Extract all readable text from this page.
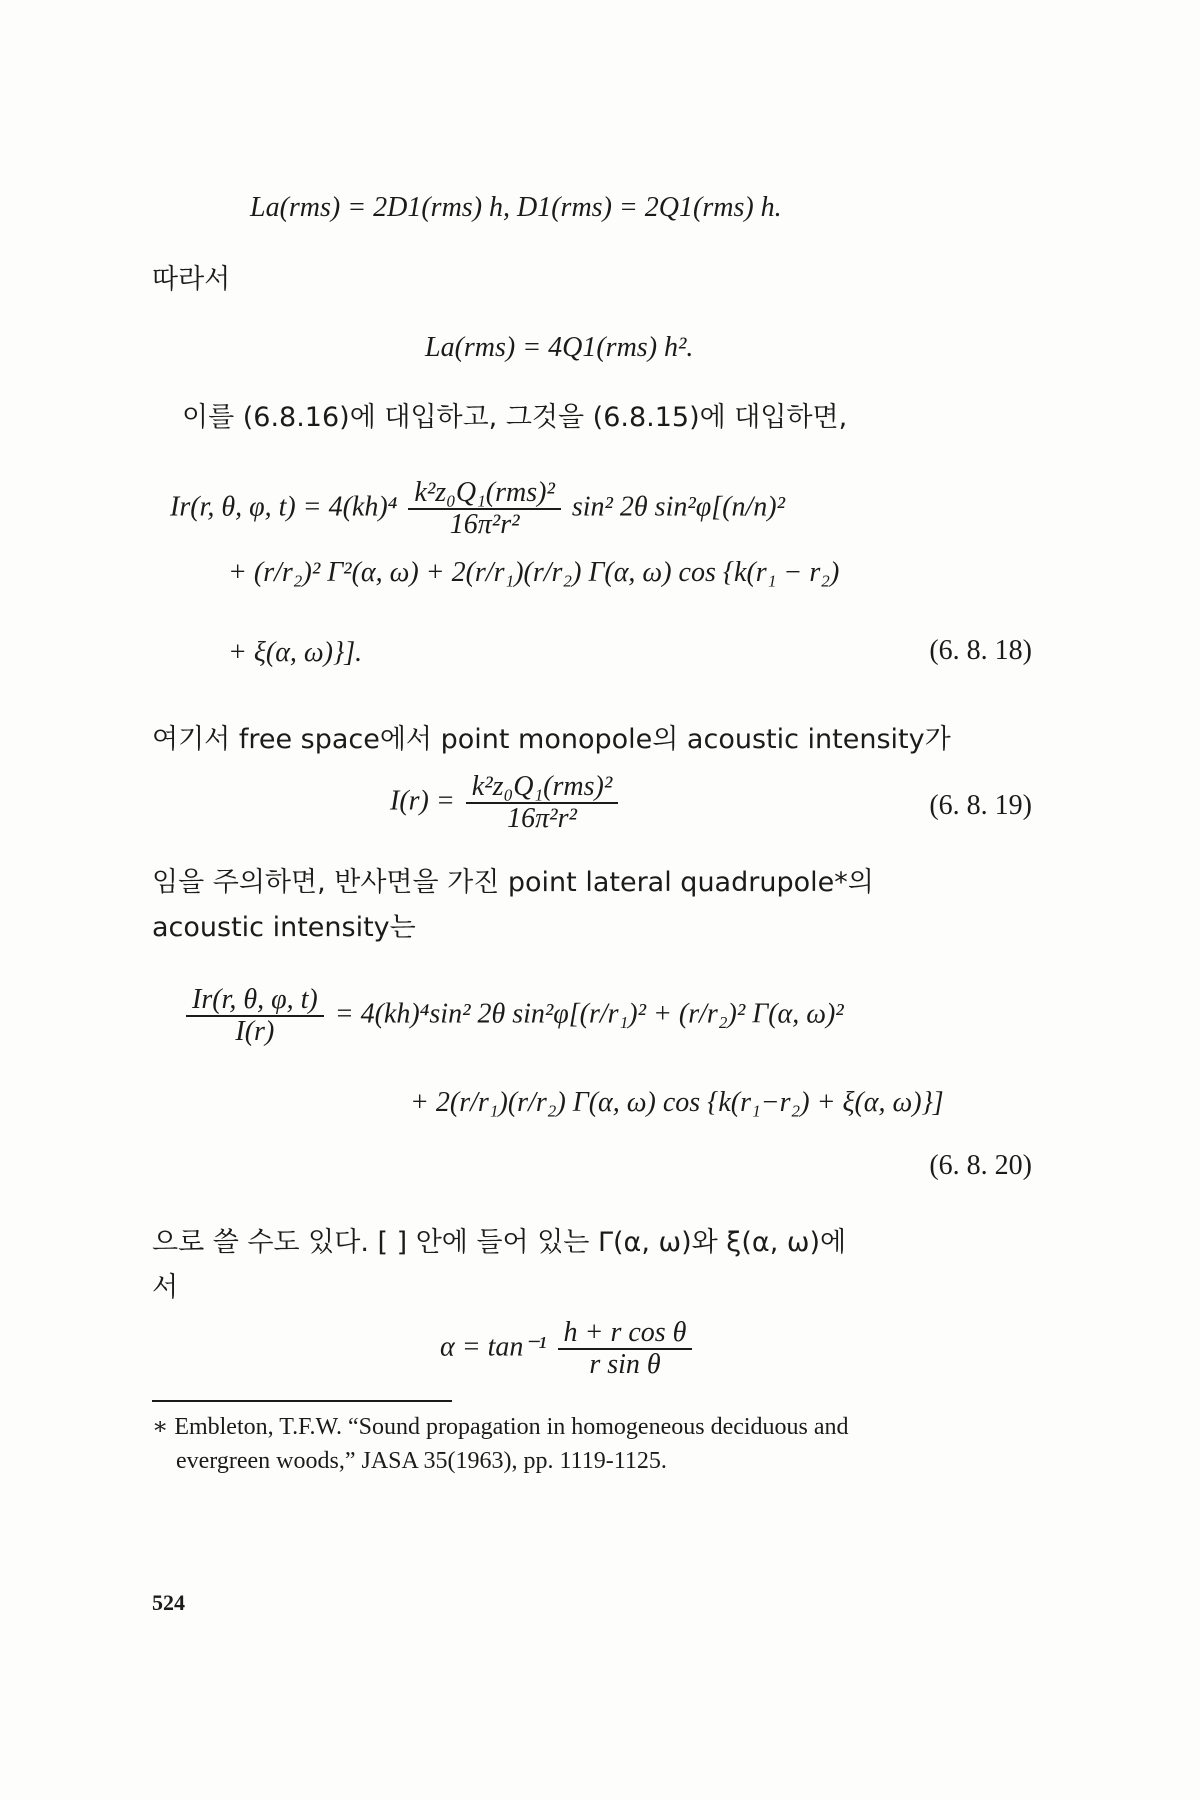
La(rms) = 2D1(rms) h, D1(rms) = 2Q1(rms) h.
따라서
La(rms) = 4Q1(rms) h².
이를 (6.8.16)에 대입하고, 그것을 (6.8.15)에 대입하면,
Ir(r, θ, φ, $t) = 4(kh)^4 \frac{\text{k²z₀Q₁(rms)²}}{\text{16π²r²}} \sin^2$ 2θ sin²φ[(n/n)²
+ (r/r₂)² Γ²(α, ω) + 2(r/r₁)(r/r₂) Γ(α, ω) cos {k(r₁ − r₂)
+ ξ(α, ω)}].	(6. 8. 18)
여기서 free space에서 point monopole의 acoustic intensity가
$I(r) = \frac{\text{k²z₀Q₁(rms)²}}{\text{16π²r²}}$	(6. 8. 19)
임을 주의하면, 반사면을 가진 point lateral quadrupole*의
acoustic intensity는
$\frac{Ir(r, \theta, \varphi, t)}{I(r)} = 4(kh)^4\sin^2$ 2θ sin²φ[(r/r₁)² + (r/r₂)² Γ(α, ω)²
+ 2(r/r₁)(r/r₂) Γ(α, ω) cos {k(r₁−r₂) + ξ(α, ω)}]
(6. 8. 20)
으로 쓸 수도 있다. [ ] 안에 들어 있는 Γ(α, ω)와 ξ(α, ω)에
서
$\alpha = \tan^{-1} \frac{\text{h + r cos θ}}{\text{r sin θ}}$
∗ Embleton, T.F.W. “Sound propagation in homogeneous deciduous and
evergreen woods,” JASA 35(1963), pp. 1119-1125.
524
